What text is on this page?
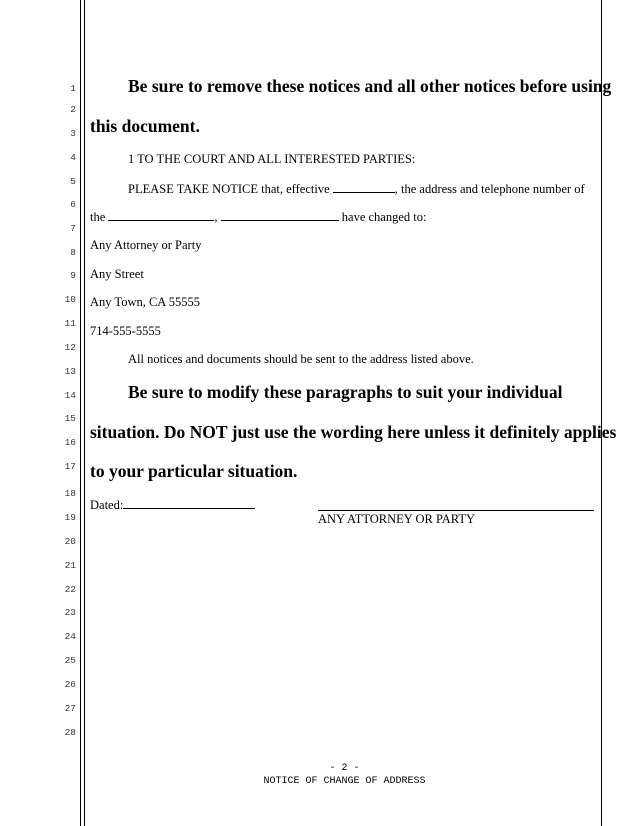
1
2
3
4
5
6
7
8
9
10
11
12
13
14
15
16
17
18
19
20
21
22
23
24
25
26
27
28
Be sure to remove these notices and all other notices before using
this document.
1 TO THE COURT AND ALL INTERESTED PARTIES:
PLEASE TAKE NOTICE that, effective	, the address and telephone number of
the	,	have changed to:
Any Attorney or Party
Any Street
Any Town, CA 55555
714-555-5555
All notices and documents should be sent to the address listed above.
Be sure to modify these paragraphs to suit your individual
situation. Do NOT just use the wording here unless it definitely applies
to your particular situation.
Dated:
ANY ATTORNEY OR PARTY
- 2 -
NOTICE OF CHANGE OF ADDRESS
